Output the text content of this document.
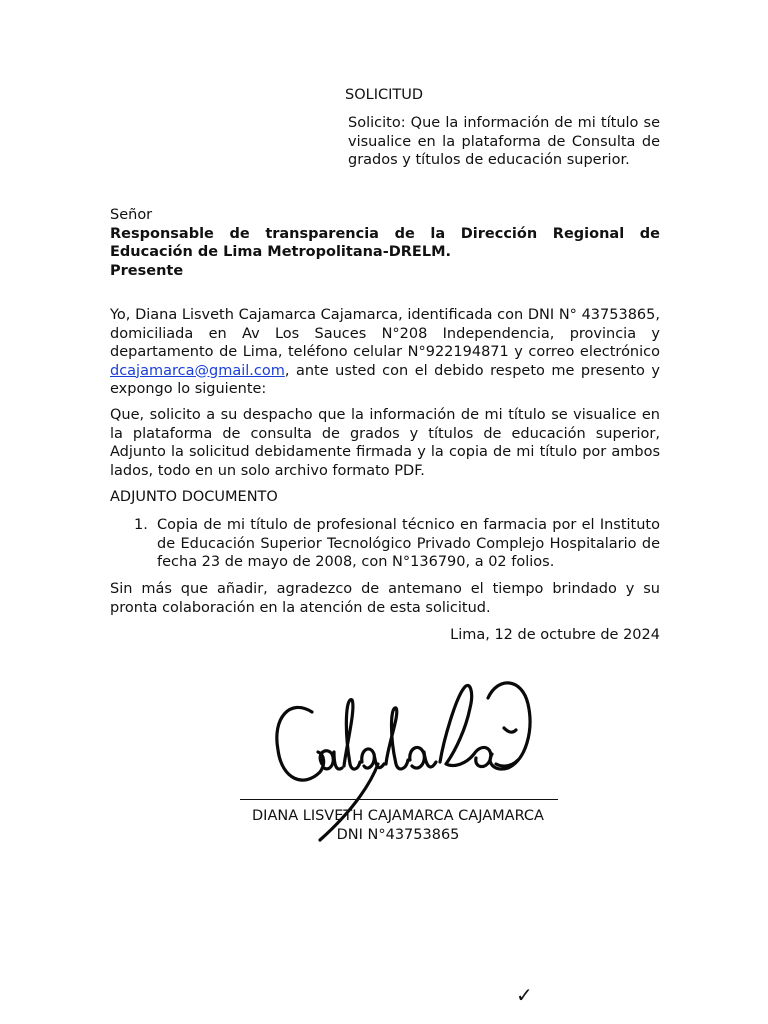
SOLICITUD
Solicito: Que la información de mi título se visualice en la plataforma de Consulta de grados y títulos de educación superior.
Señor
Responsable de transparencia de la Dirección Regional de Educación de Lima Metropolitana-DRELM.
Presente
Yo, Diana Lisveth Cajamarca Cajamarca, identificada con DNI N° 43753865, domiciliada en Av Los Sauces N°208 Independencia, provincia y departamento de Lima, teléfono celular N°922194871 y correo electrónico dcajamarca@gmail.com, ante usted con el debido respeto me presento y expongo lo siguiente:
Que, solicito a su despacho que la información de mi título se visualice en la plataforma de consulta de grados y títulos de educación superior, Adjunto la solicitud debidamente firmada y la copia de mi título por ambos lados, todo en un solo archivo formato PDF.
ADJUNTO DOCUMENTO
1. Copia de mi título de profesional técnico en farmacia por el Instituto de Educación Superior Tecnológico Privado Complejo Hospitalario de fecha 23 de mayo de 2008, con N°136790, a 02 folios.
Sin más que añadir, agradezco de antemano el tiempo brindado y su pronta colaboración en la atención de esta solicitud.
Lima, 12 de octubre de 2024
DIANA LISVETH CAJAMARCA CAJAMARCA
DNI N°43753865
✓
